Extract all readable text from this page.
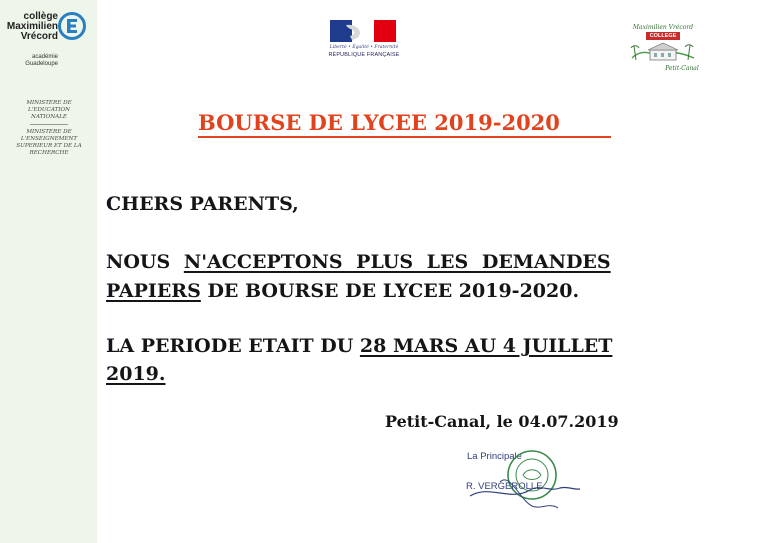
collège
Maximilien
Vrécord
académie
Guadeloupe
MINISTERE DE L'EDUCATION NATIONALE
MINISTERE DE L'ENSEIGNEMENT SUPERIEUR ET DE LA RECHERCHE
Liberté • Égalité • Fraternité
RÉPUBLIQUE FRANÇAISE
Maximilien Vrécord
COLLEGE
Petit-Canal
BOURSE DE LYCEE 2019-2020
CHERS PARENTS,
NOUS N'ACCEPTONS PLUS LES DEMANDES
PAPIERS DE BOURSE DE LYCEE 2019-2020.
LA PERIODE ETAIT DU 28 MARS AU 4 JUILLET
2019.
Petit-Canal, le 04.07.2019
La Principale
R. VERGEROLLE
